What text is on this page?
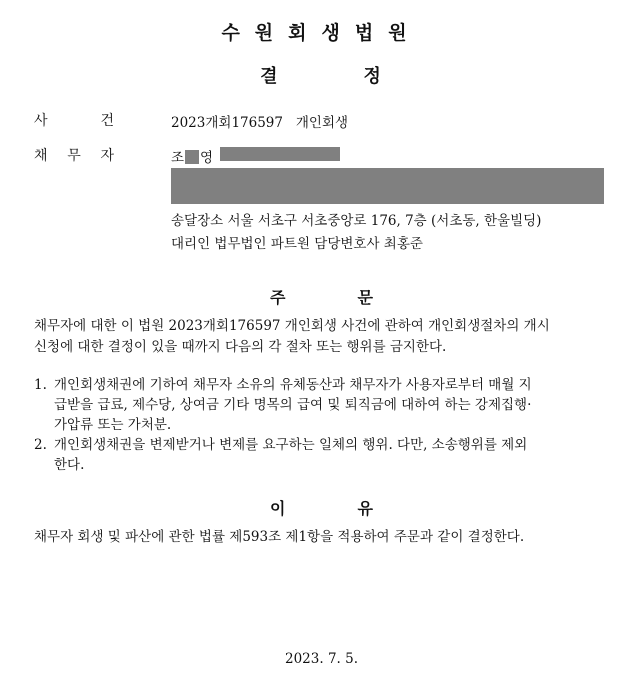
수원회생법원
결	정
사	건	2023개회176597 개인회생
채 무 자	조 영
송달장소 서울 서초구 서초중앙로 176, 7층 (서초동, 한울빌딩)
대리인 법무법인 파트원 담당변호사 최홍준
주	문
채무자에 대한 이 법원 2023개회176597 개인회생 사건에 관하여 개인회생절차의 개시
신청에 대한 결정이 있을 때까지 다음의 각 절차 또는 행위를 금지한다.
1. 개인회생채권에 기하여 채무자 소유의 유체동산과 채무자가 사용자로부터 매월 지
급받을 급료, 제수당, 상여금 기타 명목의 급여 및 퇴직금에 대하여 하는 강제집행·
가압류 또는 가처분.
2. 개인회생채권을 변제받거나 변제를 요구하는 일체의 행위. 다만, 소송행위를 제외
한다.
이	유
채무자 회생 및 파산에 관한 법률 제593조 제1항을 적용하여 주문과 같이 결정한다.
2023. 7. 5.
